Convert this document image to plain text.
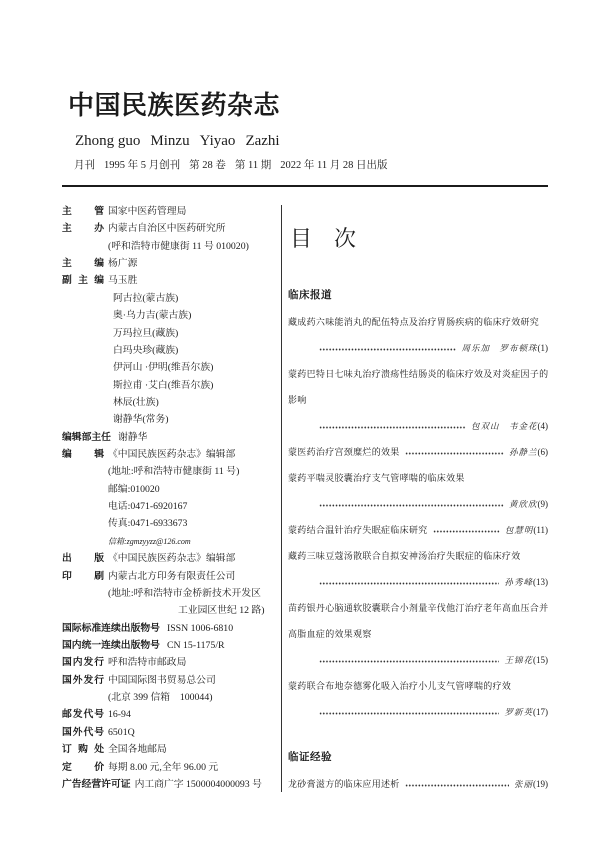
中国民族医药杂志
Zhong guo Minzu Yiyao Zazhi
月刊 1995 年 5 月创刊 第 28 卷 第 11 期 2022 年 11 月 28 日出版
主 管 国家中医药管理局
主 办 内蒙古自治区中医药研究所
(呼和浩特市健康街 11 号 010020)
主 编 杨广源
副 主 编 马玉胜
阿古拉(蒙古族)
奥·乌力吉(蒙古族)
万玛拉旦(藏族)
白玛央珍(藏族)
伊河山 ·伊明(维吾尔族)
斯拉甫 ·艾白(维吾尔族)
林辰(壮族)
谢静华(常务)
编辑部主任 谢静华
编 辑 《中国民族医药杂志》编辑部
(地址:呼和浩特市健康街 11 号)
邮编:010020
电话:0471-6920167
传真:0471-6933673
信箱:zgmzyyzz@126.com
出 版 《中国民族医药杂志》编辑部
印 刷 内蒙古北方印务有限责任公司
(地址:呼和浩特市金桥新技术开发区
工业园区世纪 12 路)
国际标准连续出版物号 ISSN 1006-6810
国内统一连续出版物号 CN 15-1175/R
国内发行 呼和浩特市邮政局
国外发行 中国国际图书贸易总公司
(北京 399 信箱　100044)
邮发代号 16-94
国外代号 6501Q
订 购 处 全国各地邮局
定 价 每期 8.00 元,全年 96.00 元
广告经营许可证 内工商广字 1500004000093 号
目　次
临床报道
藏成药六味能消丸的配伍特点及治疗胃肠疾病的临床疗效研究
周乐加　罗布顿珠 (1)
蒙药巴特日七味丸治疗溃疡性结肠炎的临床疗效及对炎症因子的
影响
包双山　韦金花 (4)
蒙医药治疗宫颈糜烂的效果	孙静兰 (6)
蒙药平喘灵胶囊治疗支气管哮喘的临床效果
黄欣欣 (9)
蒙药结合温针治疗失眠症临床研究	包慧明 (11)
藏药三味豆蔻汤散联合自拟安神汤治疗失眠症的临床疗效
孙秀峰 (13)
苗药银丹心脑通软胶囊联合小剂量辛伐他汀治疗老年高血压合并
高脂血症的效果观察
王锦花 (15)
蒙药联合布地奈德雾化吸入治疗小儿支气管哮喘的疗效
罗新英 (17)
临证经验
龙砂膏滋方的临床应用述析	张丽 (19)
